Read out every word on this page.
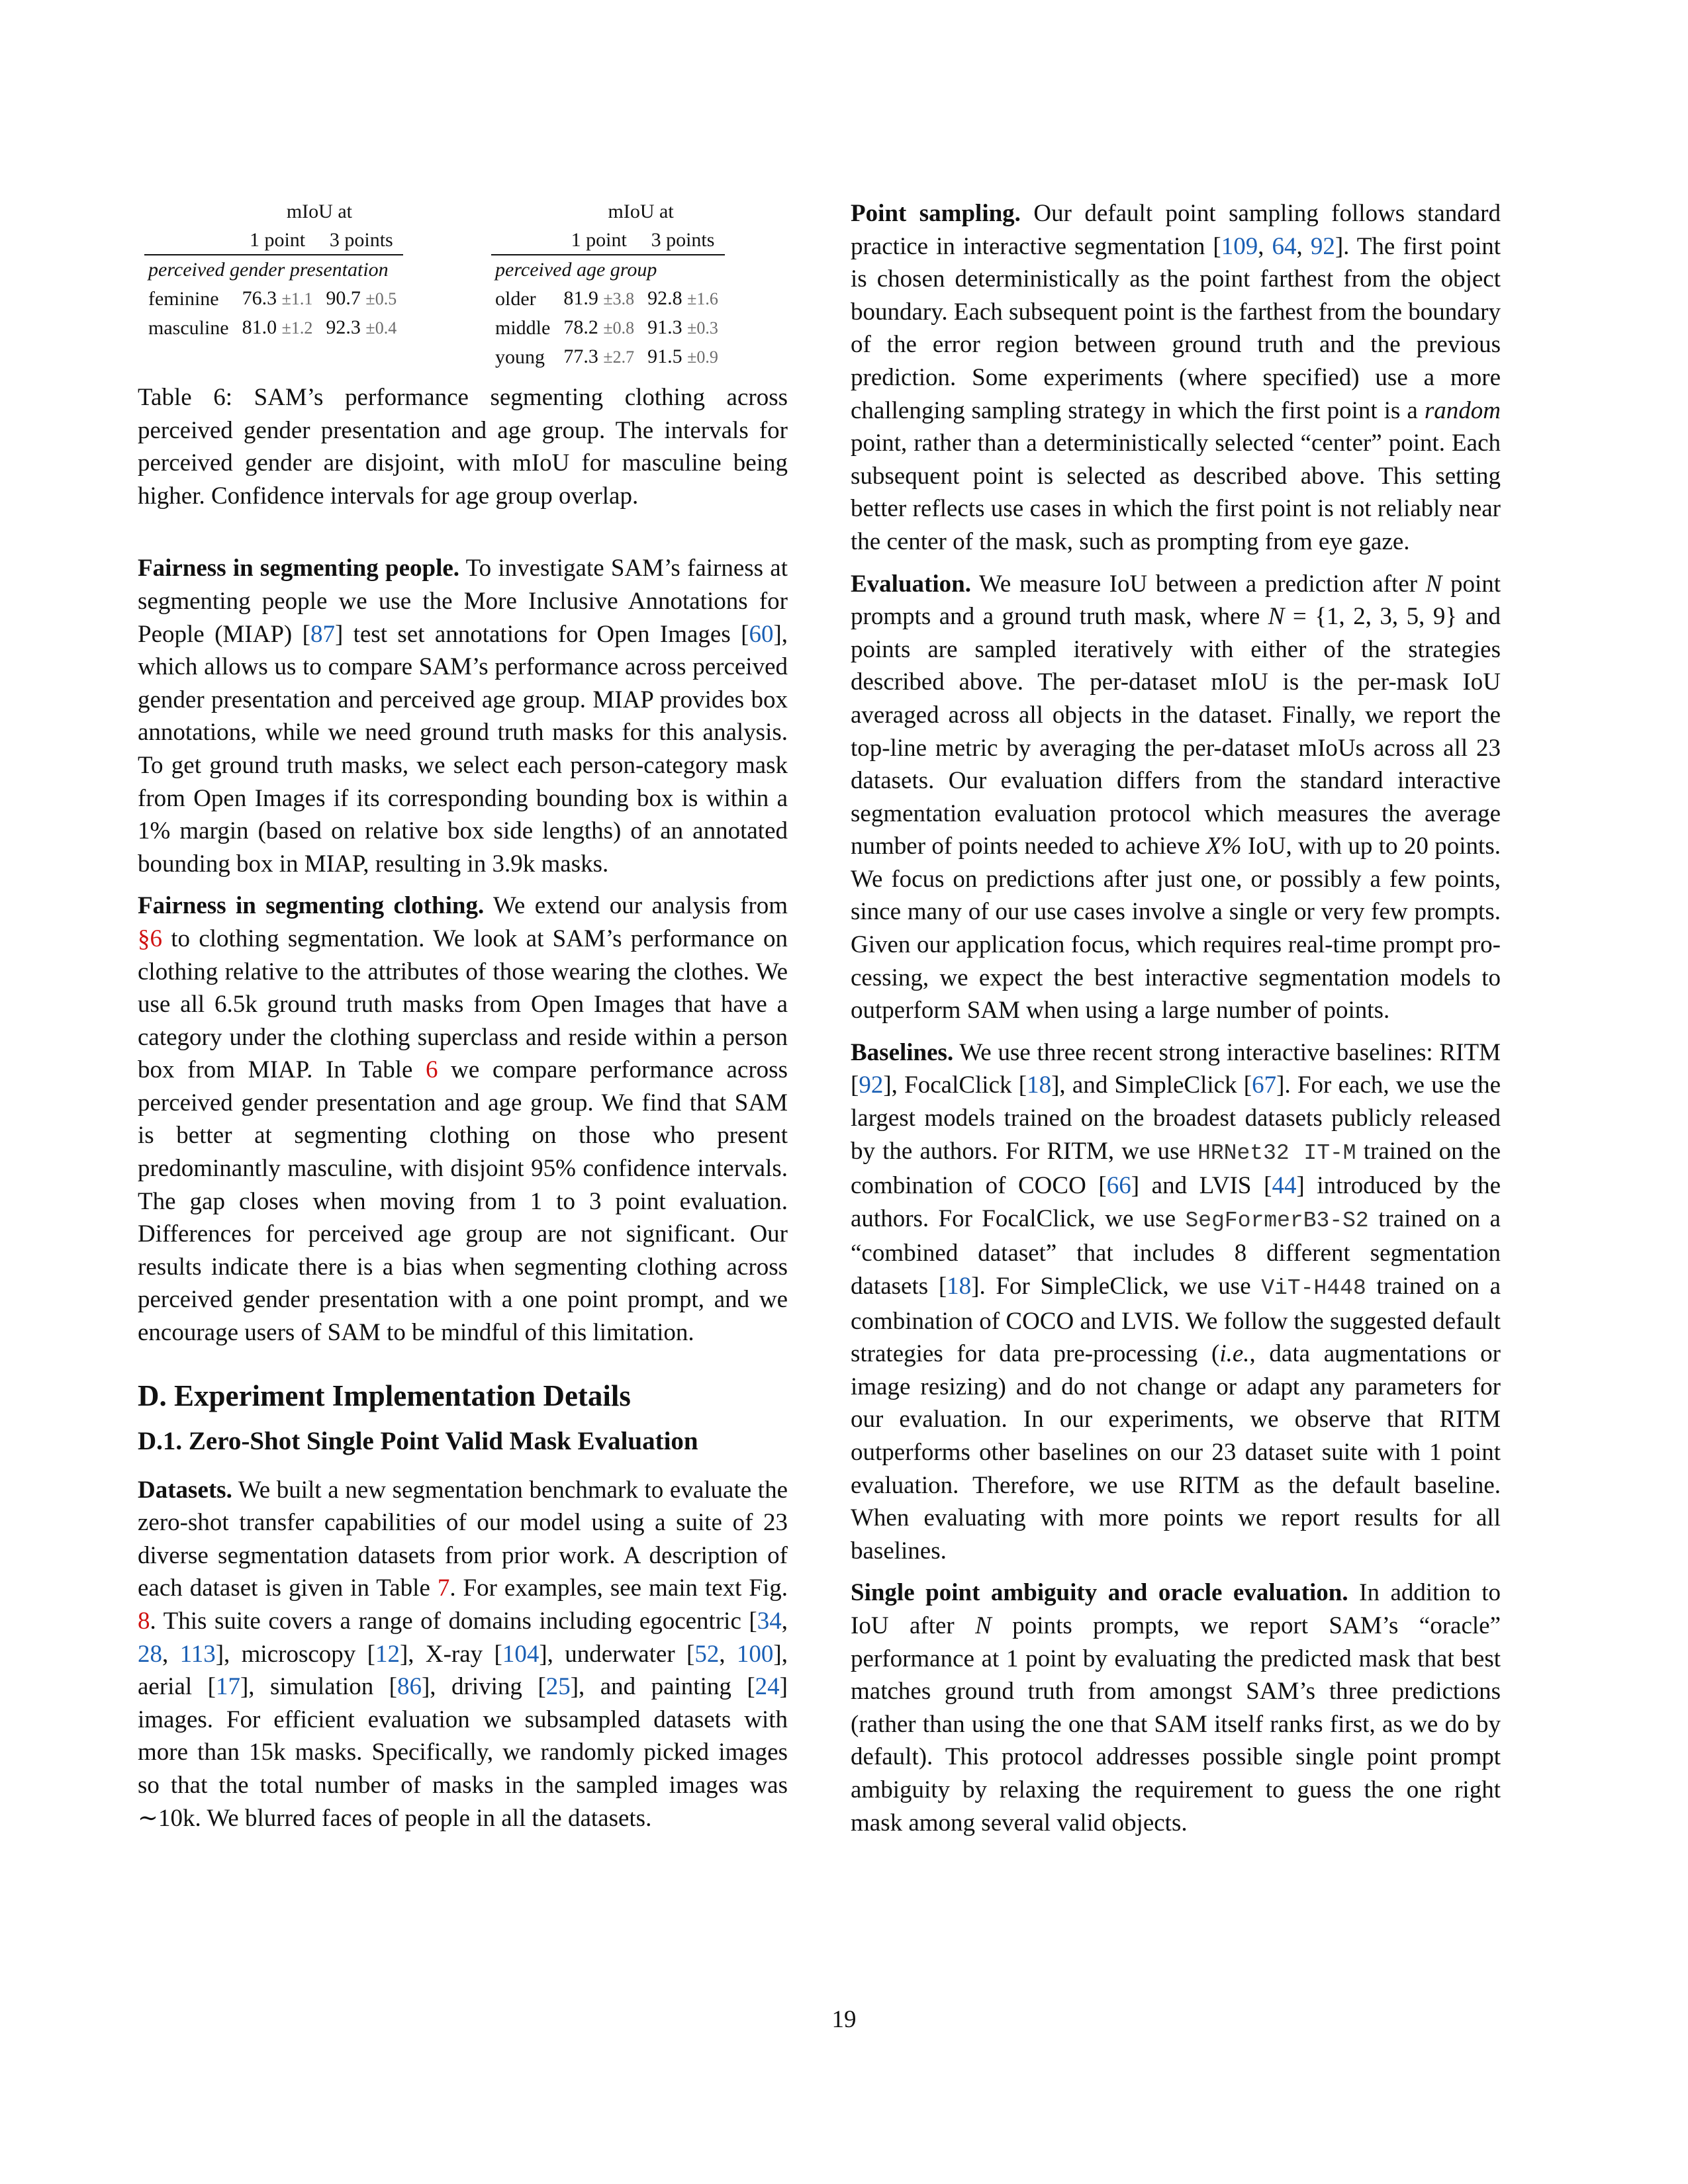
	mIoU at	
	1 point	3 points
perceived gender presentation		
feminine	76.3 ±1.1	90.7 ±0.5
masculine	81.0 ±1.2	92.3 ±0.4
	mIoU at	
	1 point	3 points
perceived age group		
older	81.9 ±3.8	92.8 ±1.6
middle	78.2 ±0.8	91.3 ±0.3
young	77.3 ±2.7	91.5 ±0.9

Table 6: SAM’s performance segmenting clothing across perceived gender presentation and age group. The intervals for perceived gender are disjoint, with mIoU for masculine being higher. Confidence intervals for age group overlap.

Fairness in segmenting people. To investigate SAM’s fairness at segmenting people we use the More Inclusive Annotations for People (MIAP) [87] test set annotations for Open Images [60], which allows us to compare SAM’s performance across perceived gender presentation and perceived age group. MIAP provides box annotations, while we need ground truth masks for this analysis. To get ground truth masks, we select each person-category mask from Open Images if its corresponding bounding box is within a 1% margin (based on relative box side lengths) of an annotated bounding box in MIAP, resulting in 3.9k masks.

Fairness in segmenting clothing. We extend our analysis from §6 to clothing segmentation. We look at SAM’s performance on clothing relative to the attributes of those wearing the clothes. We use all 6.5k ground truth masks from Open Images that have a category under the clothing superclass and reside within a person box from MIAP. In Table 6 we compare performance across perceived gender presentation and age group. We find that SAM is better at segmenting clothing on those who present predominantly masculine, with disjoint 95% confidence intervals. The gap closes when moving from 1 to 3 point evaluation. Differences for perceived age group are not significant. Our results indicate there is a bias when segmenting clothing across perceived gender presentation with a one point prompt, and we encourage users of SAM to be mindful of this limitation.

D. Experiment Implementation Details
D.1. Zero-Shot Single Point Valid Mask Evaluation

Datasets. We built a new segmentation benchmark to evaluate the zero-shot transfer capabilities of our model using a suite of 23 diverse segmentation datasets from prior work. A description of each dataset is given in Table 7. For examples, see main text Fig. 8. This suite covers a range of domains including egocentric [34, 28, 113], microscopy [12], X-ray [104], underwater [52, 100], aerial [17], simulation [86], driving [25], and painting [24] images. For efficient evaluation we subsampled datasets with more than 15k masks. Specifically, we randomly picked images so that the total number of masks in the sampled images was ∼10k. We blurred faces of people in all the datasets.

Point sampling. Our default point sampling follows standard practice in interactive segmentation [109, 64, 92]. The first point is chosen deterministically as the point farthest from the object boundary. Each subsequent point is the farthest from the boundary of the error region between ground truth and the previous prediction. Some experiments (where specified) use a more challenging sampling strategy in which the first point is a random point, rather than a deterministically selected “center” point. Each subsequent point is selected as described above. This setting better reflects use cases in which the first point is not reliably near the center of the mask, such as prompting from eye gaze.

Evaluation. We measure IoU between a prediction after N point prompts and a ground truth mask, where N = {1, 2, 3, 5, 9} and points are sampled iteratively with either of the strategies described above. The per-dataset mIoU is the per-mask IoU averaged across all objects in the dataset. Finally, we report the top-line metric by averaging the per-dataset mIoUs across all 23 datasets. Our evaluation differs from the standard interactive segmentation evaluation protocol which measures the average number of points needed to achieve X% IoU, with up to 20 points. We focus on predictions after just one, or possibly a few points, since many of our use cases involve a single or very few prompts. Given our application focus, which requires real-time prompt processing, we expect the best interactive segmentation models to outperform SAM when using a large number of points.

Baselines. We use three recent strong interactive baselines: RITM [92], FocalClick [18], and SimpleClick [67]. For each, we use the largest models trained on the broadest datasets publicly released by the authors. For RITM, we use HRNet32 IT-M trained on the combination of COCO [66] and LVIS [44] introduced by the authors. For FocalClick, we use SegFormerB3-S2 trained on a “combined dataset” that includes 8 different segmentation datasets [18]. For SimpleClick, we use ViT-H448 trained on a combination of COCO and LVIS. We follow the suggested default strategies for data pre-processing (i.e., data augmentations or image resizing) and do not change or adapt any parameters for our evaluation. In our experiments, we observe that RITM outperforms other baselines on our 23 dataset suite with 1 point evaluation. Therefore, we use RITM as the default baseline. When evaluating with more points we report results for all baselines.

Single point ambiguity and oracle evaluation. In addition to IoU after N points prompts, we report SAM’s “oracle” performance at 1 point by evaluating the predicted mask that best matches ground truth from amongst SAM’s three predictions (rather than using the one that SAM itself ranks first, as we do by default). This protocol addresses possible single point prompt ambiguity by relaxing the requirement to guess the one right mask among several valid objects.

19
